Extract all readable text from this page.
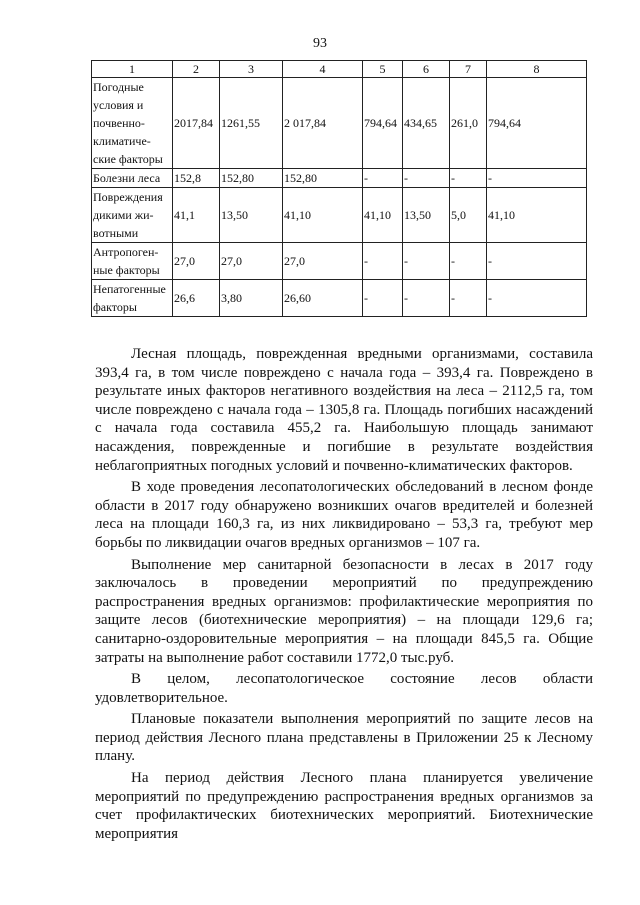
93
1	2	3	4	5	6	7	8
Погодные
условия и
почвенно-
климатиче-
ские факторы	2017,84	1261,55	2 017,84	794,64	434,65	261,0	794,64
Болезни леса	152,8	152,80	152,80	-	-	-	-
Повреждения
дикими жи-
вотными	41,1	13,50	41,10	41,10	13,50	5,0	41,10
Антропоген-
ные факторы	27,0	27,0	27,0	-	-	-	-
Непатогенные
факторы	26,6	3,80	26,60	-	-	-	-

Лесная площадь, поврежденная вредными организмами, составила 393,4 га, в том числе повреждено с начала года – 393,4 га. Повреждено в результате иных факторов негативного воздействия на леса – 2112,5 га, том числе повреждено с начала года – 1305,8 га. Площадь погибших насаждений с начала года составила 455,2 га. Наибольшую площадь занимают насаждения, поврежденные и погибшие в результате воздействия неблагоприятных погодных условий и почвенно-климатических факторов.

В ходе проведения лесопатологических обследований в лесном фонде области в 2017 году обнаружено возникших очагов вредителей и болезней леса на площади 160,3 га, из них ликвидировано – 53,3 га, требуют мер борьбы по ликвидации очагов вредных организмов – 107 га.

Выполнение мер санитарной безопасности в лесах в 2017 году заключалось в проведении мероприятий по предупреждению распространения вредных организмов: профилактические мероприятия по защите лесов (биотехнические мероприятия) – на площади 129,6 га; санитарно-оздоровительные мероприятия – на площади 845,5 га. Общие затраты на выполнение работ составили 1772,0 тыс.руб.

В целом, лесопатологическое состояние лесов области удовлетворительное.

Плановые показатели выполнения мероприятий по защите лесов на период действия Лесного плана представлены в Приложении 25 к Лесному плану.

На период действия Лесного плана планируется увеличение мероприятий по предупреждению распространения вредных организмов за счет профилактических биотехнических мероприятий. Биотехнические мероприятия
